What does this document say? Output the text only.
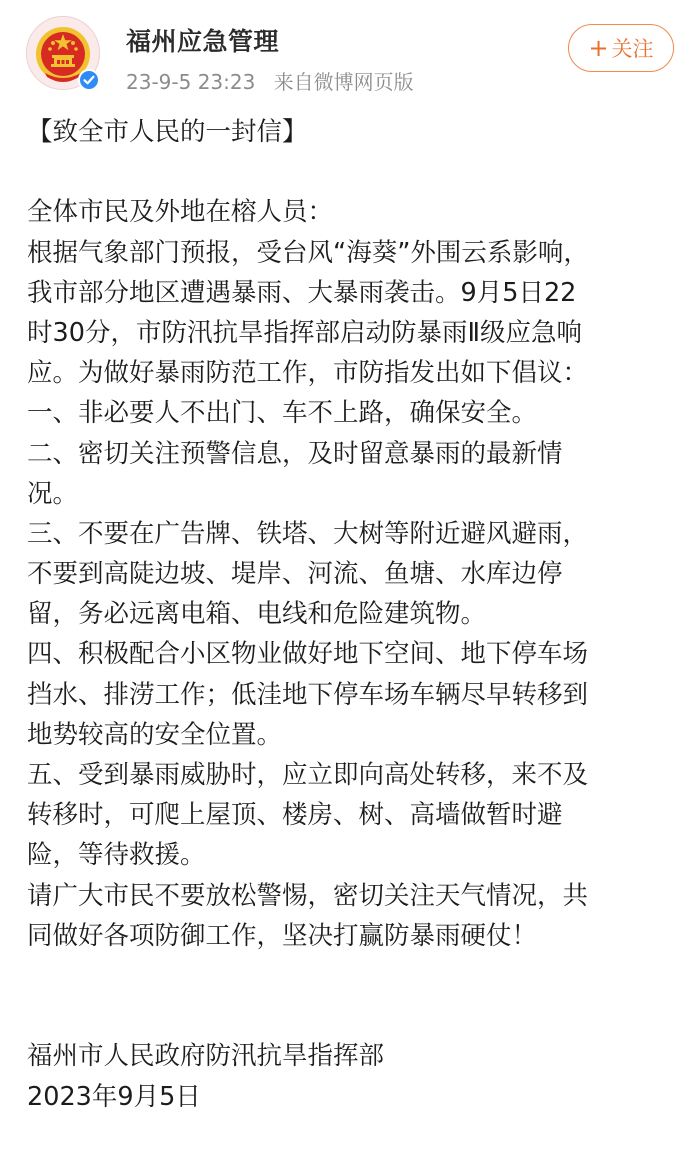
福州应急管理
23-9-5 23:23 来自微博网页版
+ 关注
【致全市人民的一封信】
全体市民及外地在榕人员：
根据气象部门预报，受台风“海葵”外围云系影响，
我市部分地区遭遇暴雨、大暴雨袭击。9月5日22
时30分，市防汛抗旱指挥部启动防暴雨Ⅱ级应急响
应。为做好暴雨防范工作，市防指发出如下倡议：
一、非必要人不出门、车不上路，确保安全。
二、密切关注预警信息，及时留意暴雨的最新情
况。
三、不要在广告牌、铁塔、大树等附近避风避雨，
不要到高陡边坡、堤岸、河流、鱼塘、水库边停
留，务必远离电箱、电线和危险建筑物。
四、积极配合小区物业做好地下空间、地下停车场
挡水、排涝工作；低洼地下停车场车辆尽早转移到
地势较高的安全位置。
五、受到暴雨威胁时，应立即向高处转移，来不及
转移时，可爬上屋顶、楼房、树、高墙做暂时避
险，等待救援。
请广大市民不要放松警惕，密切关注天气情况，共
同做好各项防御工作，坚决打赢防暴雨硬仗！
福州市人民政府防汛抗旱指挥部
2023年9月5日
